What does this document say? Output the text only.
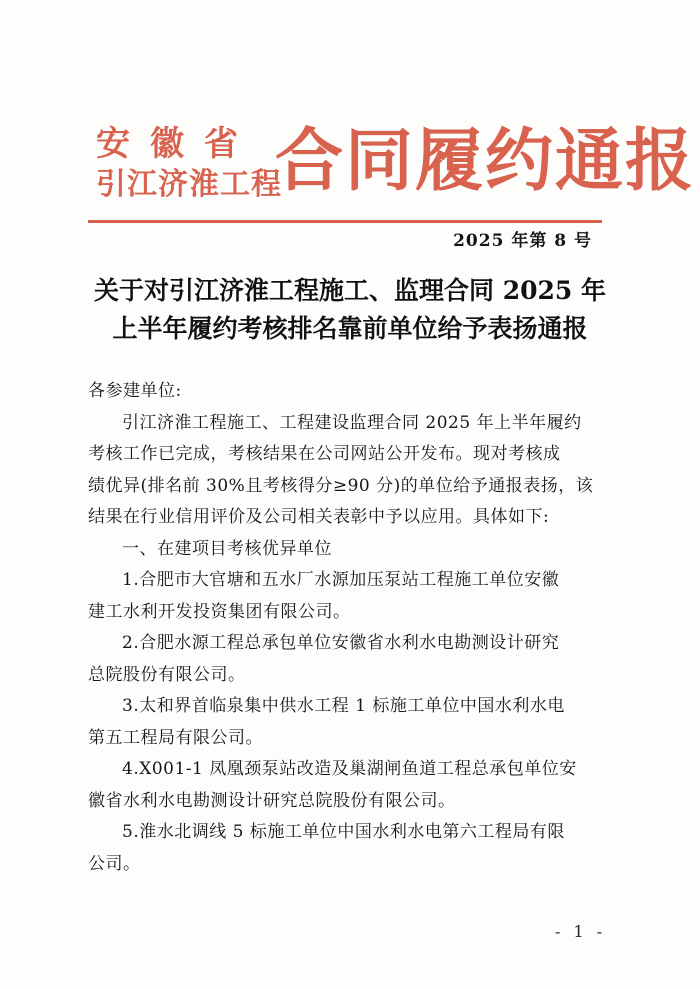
安徽省
引江济淮工程
合同履约通报
2025 年第 8 号
关于对引江济淮工程施工、监理合同 2025 年
上半年履约考核排名靠前单位给予表扬通报
各参建单位:
引江济淮工程施工、工程建设监理合同 2025 年上半年履约
考核工作已完成，考核结果在公司网站公开发布。现对考核成
绩优异(排名前 30%且考核得分≥90 分)的单位给予通报表扬，该
结果在行业信用评价及公司相关表彰中予以应用。具体如下:
一、在建项目考核优异单位
1.合肥市大官塘和五水厂水源加压泵站工程施工单位安徽
建工水利开发投资集团有限公司。
2.合肥水源工程总承包单位安徽省水利水电勘测设计研究
总院股份有限公司。
3.太和界首临泉集中供水工程 1 标施工单位中国水利水电
第五工程局有限公司。
4.X001-1 凤凰颈泵站改造及巢湖闸鱼道工程总承包单位安
徽省水利水电勘测设计研究总院股份有限公司。
5.淮水北调线 5 标施工单位中国水利水电第六工程局有限
公司。
- 1 -
